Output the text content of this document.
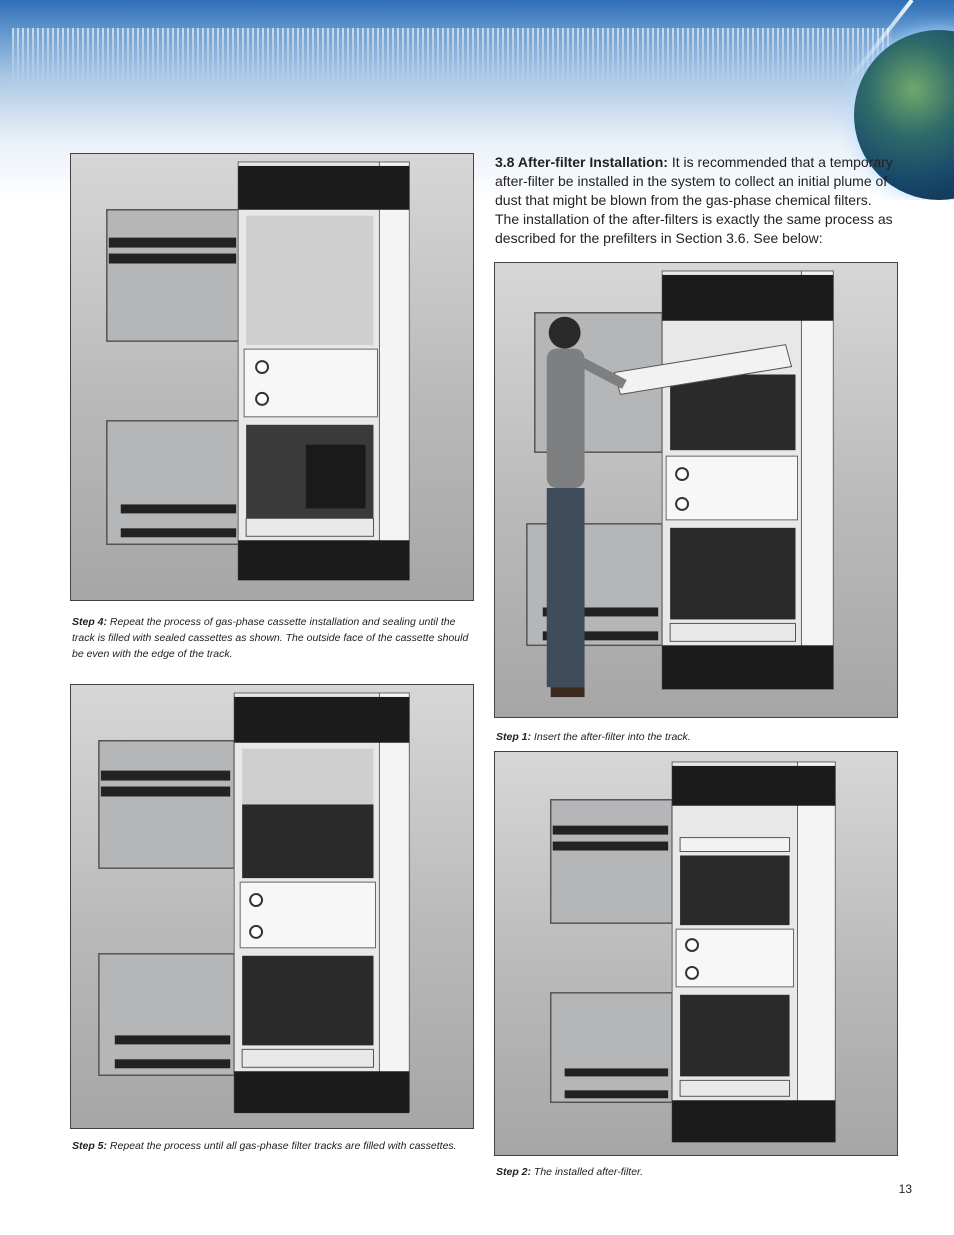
Step 4: Repeat the process of gas-phase cassette installation and sealing until the track is filled with sealed cassettes as shown. The outside face of the cassette should be even with the edge of the track.
Step 5: Repeat the process until all gas-phase filter tracks are filled with cassettes.
3.8 After-filter Installation: It is recommended that a temporary after-filter be installed in the system to collect an initial plume of dust that might be blown from the gas-phase chemical filters. The installation of the after-filters is exactly the same process as described for the prefilters in Section 3.6. See below:
Step 1: Insert the after-filter into the track.
Step 2: The installed after-filter.
13
